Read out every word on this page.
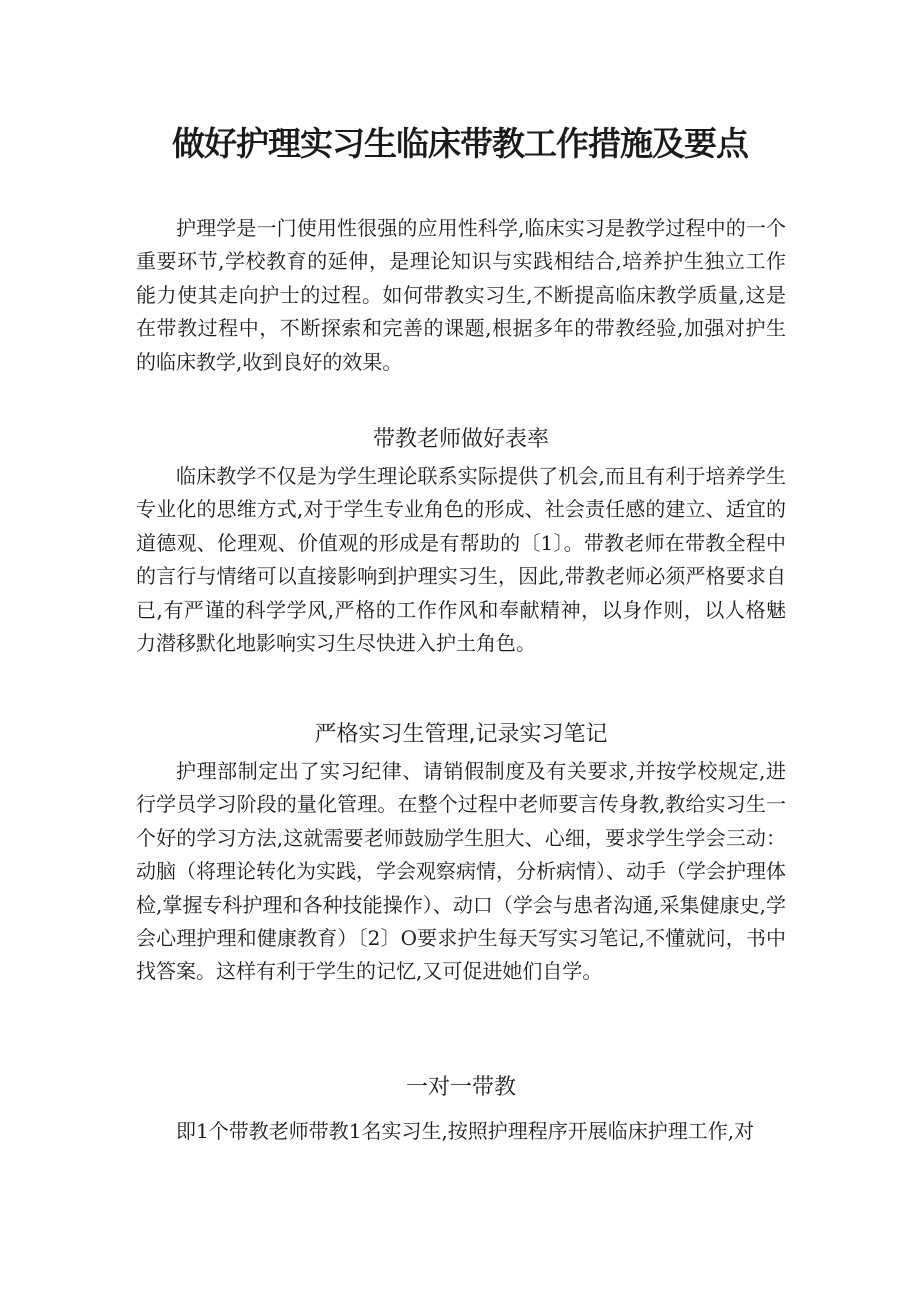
做好护理实习生临床带教工作措施及要点

护理学是一门使用性很强的应用性科学,临床实习是教学过程中的一个重要环节,学校教育的延伸，是理论知识与实践相结合,培养护生独立工作能力使其走向护士的过程。如何带教实习生,不断提高临床教学质量,这是在带教过程中，不断探索和完善的课题,根据多年的带教经验,加强对护生的临床教学,收到良好的效果。

带教老师做好表率

临床教学不仅是为学生理论联系实际提供了机会,而且有利于培养学生专业化的思维方式,对于学生专业角色的形成、社会责任感的建立、适宜的道德观、伦理观、价值观的形成是有帮助的〔1〕。带教老师在带教全程中的言行与情绪可以直接影响到护理实习生，因此,带教老师必须严格要求自已,有严谨的科学学风,严格的工作作风和奉献精神，以身作则，以人格魅力潜移默化地影响实习生尽快进入护土角色。

严格实习生管理,记录实习笔记

护理部制定出了实习纪律、请销假制度及有关要求,并按学校规定,进行学员学习阶段的量化管理。在整个过程中老师要言传身教,教给实习生一个好的学习方法,这就需要老师鼓励学生胆大、心细，要求学生学会三动：动脑（将理论转化为实践，学会观察病情，分析病情）、动手（学会护理体检,掌握专科护理和各种技能操作）、动口（学会与患者沟通,采集健康史,学会心理护理和健康教育）〔2〕O要求护生每天写实习笔记,不懂就问，书中找答案。这样有利于学生的记忆,又可促进她们自学。

一对一带教

即1个带教老师带教1名实习生,按照护理程序开展临床护理工作,对
